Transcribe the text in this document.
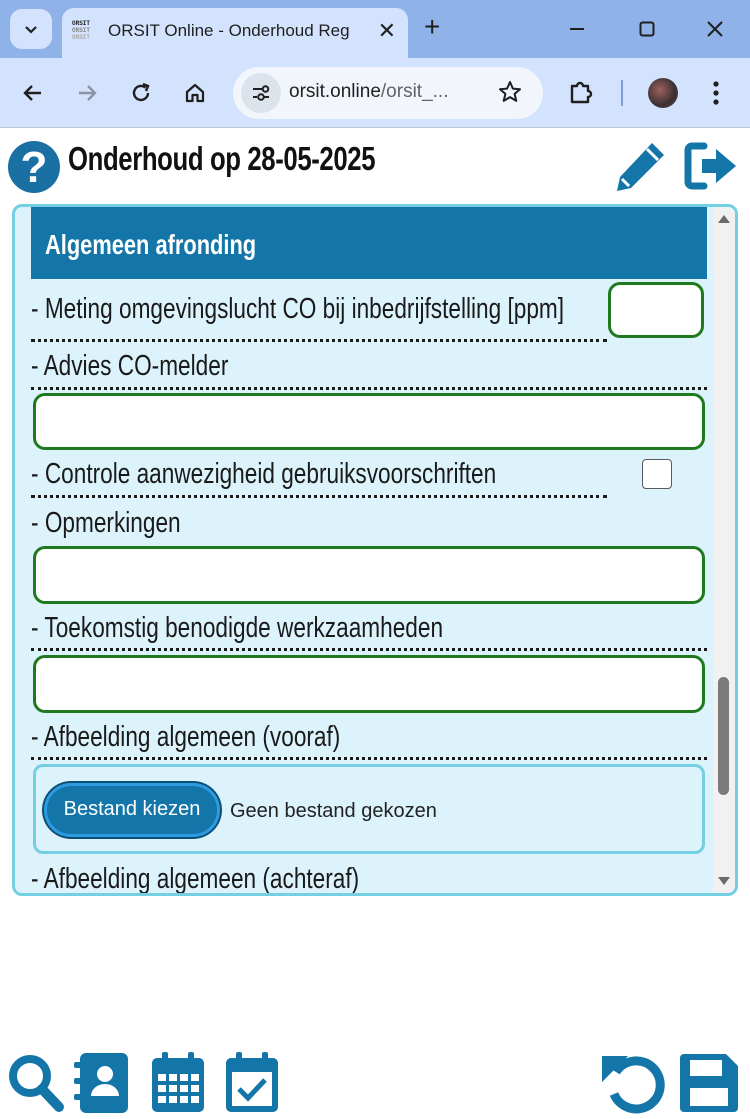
ORSIT
ORSIT
ORSIT	ORSIT Online - Onderhoud Reg	✕ +
orsit.online/orsit_...
? Onderhoud op 28-05-2025
Algemeen afronding
- Meting omgevingslucht CO bij inbedrijfstelling [ppm]
- Advies CO-melder
- Controle aanwezigheid gebruiksvoorschriften
- Opmerkingen
- Toekomstig benodigde werkzaamheden
- Afbeelding algemeen (vooraf)
Bestand kiezen	Geen bestand gekozen
- Afbeelding algemeen (achteraf)
